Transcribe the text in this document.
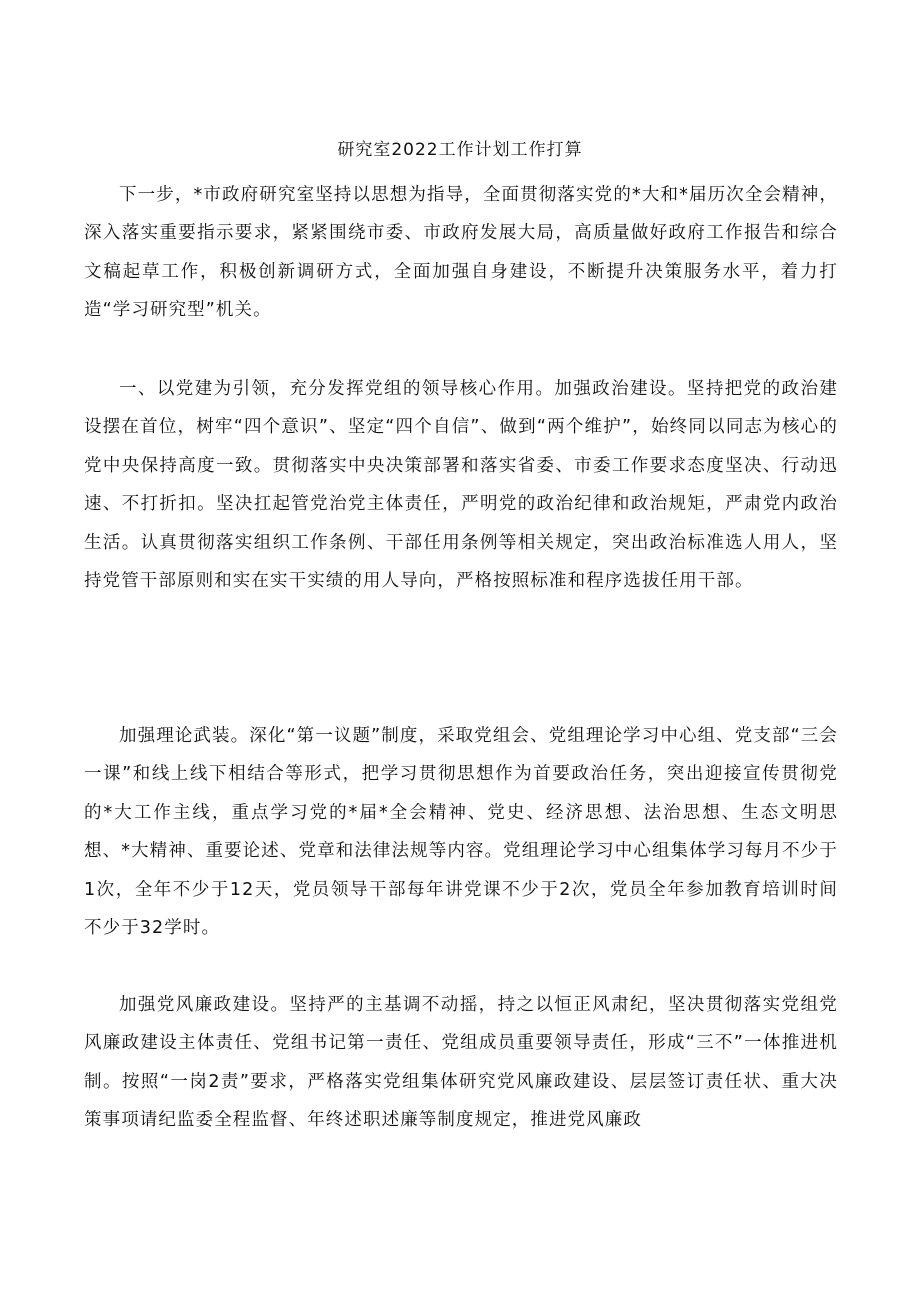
研究室2022工作计划工作打算

下一步，*市政府研究室坚持以思想为指导，全面贯彻落实党的*大和*届历次全会精神，深入落实重要指示要求，紧紧围绕市委、市政府发展大局，高质量做好政府工作报告和综合文稿起草工作，积极创新调研方式，全面加强自身建设，不断提升决策服务水平，着力打造“学习研究型”机关。

一、以党建为引领，充分发挥党组的领导核心作用。加强政治建设。坚持把党的政治建设摆在首位，树牢“四个意识”、坚定“四个自信”、做到“两个维护”，始终同以同志为核心的党中央保持高度一致。贯彻落实中央决策部署和落实省委、市委工作要求态度坚决、行动迅速、不打折扣。坚决扛起管党治党主体责任，严明党的政治纪律和政治规矩，严肃党内政治生活。认真贯彻落实组织工作条例、干部任用条例等相关规定，突出政治标准选人用人，坚持党管干部原则和实在实干实绩的用人导向，严格按照标准和程序选拔任用干部。

加强理论武装。深化“第一议题”制度，采取党组会、党组理论学习中心组、党支部“三会一课”和线上线下相结合等形式，把学习贯彻思想作为首要政治任务，突出迎接宣传贯彻党的*大工作主线，重点学习党的*届*全会精神、党史、经济思想、法治思想、生态文明思想、*大精神、重要论述、党章和法律法规等内容。党组理论学习中心组集体学习每月不少于1次，全年不少于12天，党员领导干部每年讲党课不少于2次，党员全年参加教育培训时间不少于32学时。

加强党风廉政建设。坚持严的主基调不动摇，持之以恒正风肃纪，坚决贯彻落实党组党风廉政建设主体责任、党组书记第一责任、党组成员重要领导责任，形成“三不”一体推进机制。按照“一岗2责”要求，严格落实党组集体研究党风廉政建设、层层签订责任状、重大决策事项请纪监委全程监督、年终述职述廉等制度规定，推进党风廉政
